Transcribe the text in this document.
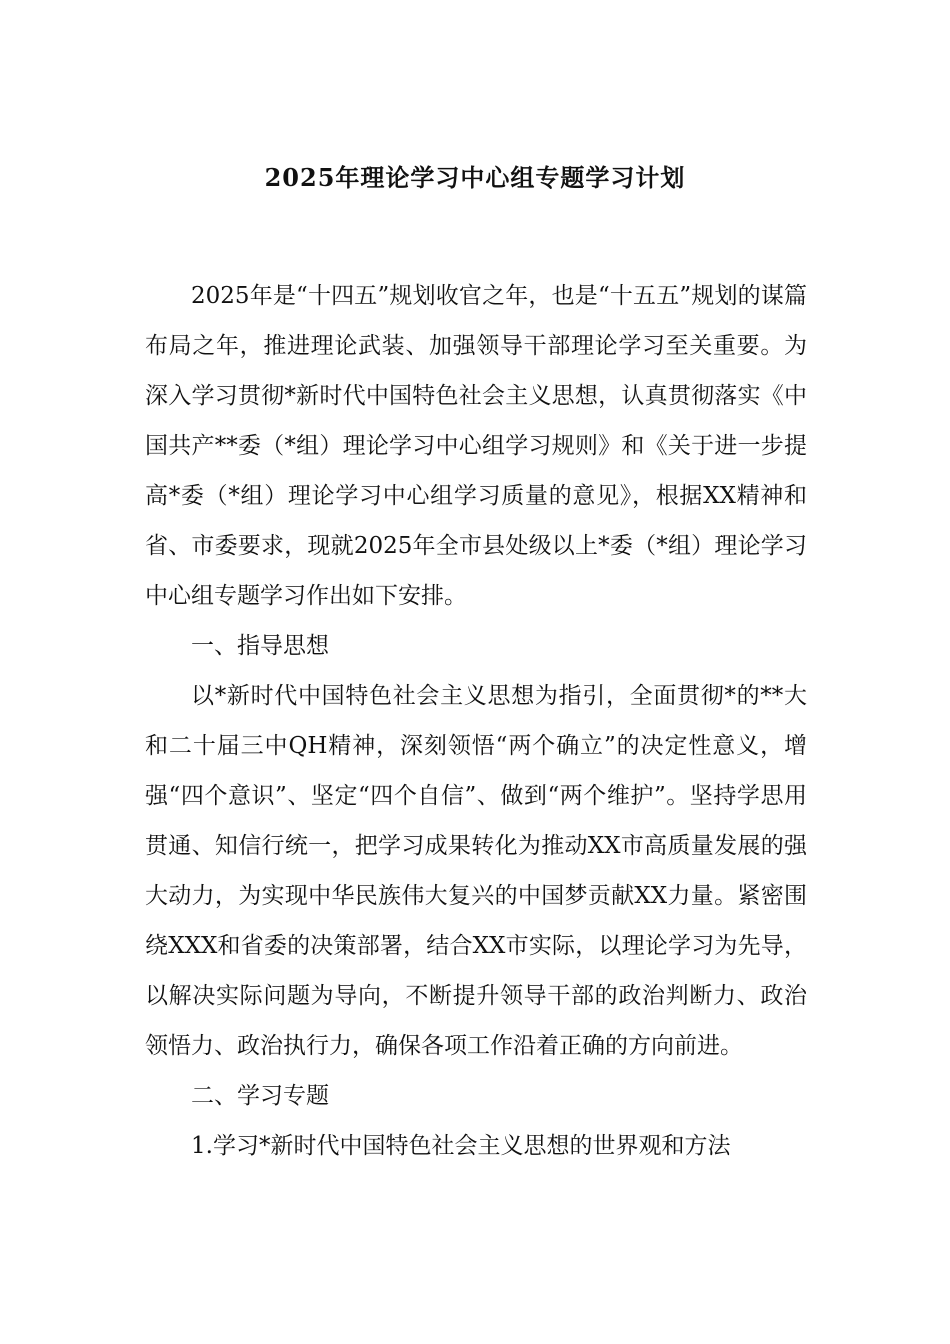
2025年理论学习中心组专题学习计划

2025年是“十四五”规划收官之年，也是“十五五”规划的谋篇布局之年，推进理论武装、加强领导干部理论学习至关重要。为深入学习贯彻*新时代中国特色社会主义思想，认真贯彻落实《中国共产**委（*组）理论学习中心组学习规则》和《关于进一步提高*委（*组）理论学习中心组学习质量的意见》，根据XX精神和省、市委要求，现就2025年全市县处级以上*委（*组）理论学习中心组专题学习作出如下安排。

一、指导思想

以*新时代中国特色社会主义思想为指引，全面贯彻*的**大和二十届三中QH精神，深刻领悟“两个确立”的决定性意义，增强“四个意识”、坚定“四个自信”、做到“两个维护”。坚持学思用贯通、知信行统一，把学习成果转化为推动XX市高质量发展的强大动力，为实现中华民族伟大复兴的中国梦贡献XX力量。紧密围绕XXX和省委的决策部署，结合XX市实际，以理论学习为先导，以解决实际问题为导向，不断提升领导干部的政治判断力、政治领悟力、政治执行力，确保各项工作沿着正确的方向前进。

二、学习专题

1.学习*新时代中国特色社会主义思想的世界观和方法
